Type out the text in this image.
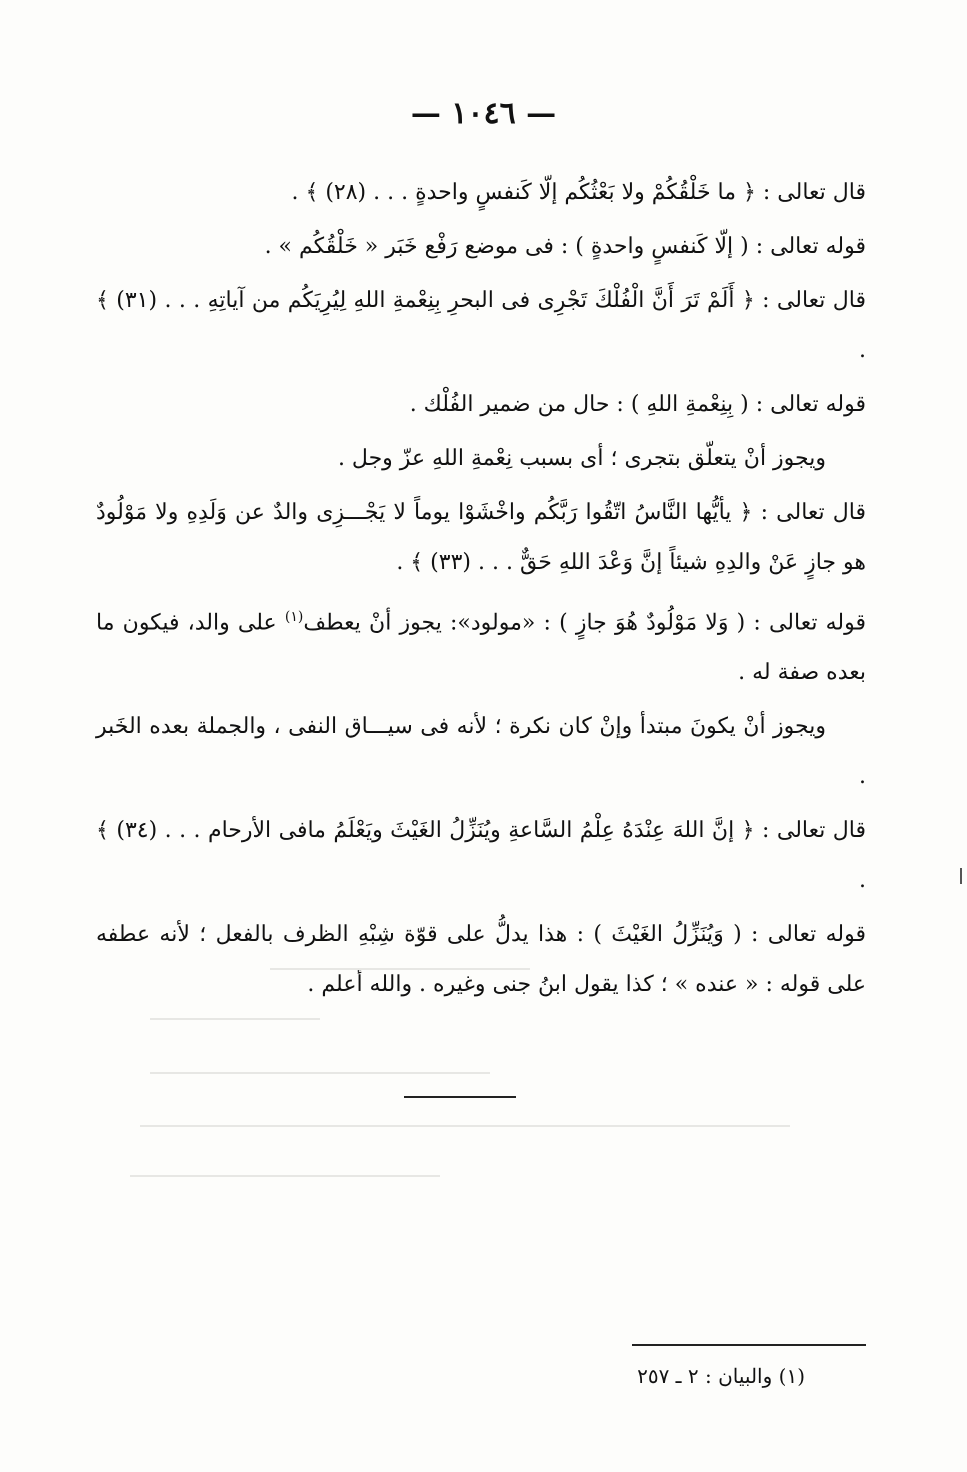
— ١٠٤٦ —

قال تعالى : ﴿ ما خَلْقُكُمْ ولا بَعْثُكُم إلّا كَنفسٍ واحدةٍ . . . (٢٨) ﴾ .

قوله تعالى : ( إلّا كَنفسٍ واحدةٍ ) : فى موضع رَفْع خَبَر « خَلْقُكُم » .

قال تعالى : ﴿ أَلَمْ تَرَ أَنَّ الْفُلْكَ تَجْرِى فى البحرِ بِنِعْمةِ اللهِ لِيُرِيَكُم من آياتِهِ . . . (٣١) ﴾ .

قوله تعالى : ( بِنِعْمةِ اللهِ ) : حال من ضمير الفُلْك .

ويجوز أنْ يتعلّق بتجرى ؛ أى بسبب نِعْمةِ اللهِ عزّ وجل .

قال تعالى : ﴿ يأيُّها النَّاسُ اتّقُوا رَبَّكُم واخْشَوْا يوماً لا يَجْـــزِى والدٌ عن وَلَدِهِ ولا مَوْلُودٌ هو جازٍ عَنْ والدِهِ شيئاً إنَّ وَعْدَ اللهِ حَقٌّ . . . (٣٣) ﴾ .

قوله تعالى : ( وَلا مَوْلُودٌ هُوَ جازٍ ) : «مولود»: يجوز أنْ يعطف$^{(١)}$ على والد، فيكون ما بعده صفة له .

ويجوز أنْ يكونَ مبتدأ وإنْ كان نكرة ؛ لأنه فى سيـــاق النفى ، والجملة بعده الخَبر .

قال تعالى : ﴿ إنَّ اللهَ عِنْدَهُ عِلْمُ السَّاعةِ ويُنَزِّلُ الغَيْثَ ويَعْلَمُ مافى الأرحام . . . (٣٤) ﴾ .

قوله تعالى : ( وَيُنَزِّلُ الغَيْثَ ) : هذا يدلُّ على قوّة شِبْهِ الظرف بالفعل ؛ لأنه عطفه على قوله : « عنده » ؛ كذا يقول ابنُ جنى وغيره . والله أعلم .

(١) والبيان : ٢ ـ ٢٥٧
